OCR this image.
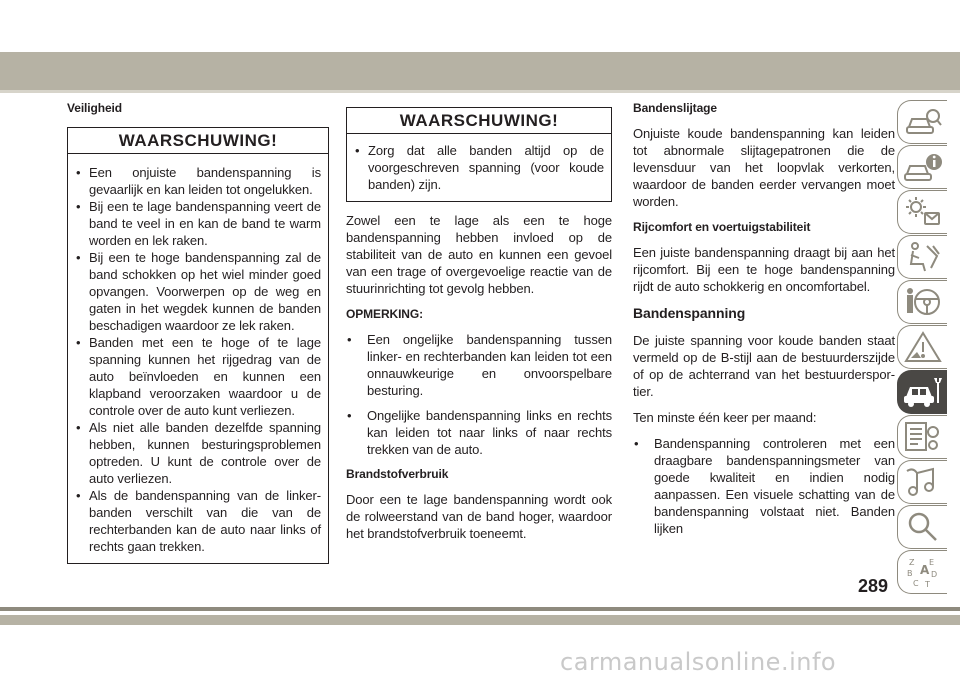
Veiligheid
WAARSCHUWING!
• Een onjuiste bandenspanning is gevaarlijk en kan leiden tot ongelukken.
• Bij een te lage bandenspanning veert de band te veel in en kan de band te warm worden en lek raken.
• Bij een te hoge bandenspanning zal de band schokken op het wiel minder goed opvangen. Voorwerpen op de weg en gaten in het wegdek kunnen de banden beschadigen waardoor ze lek raken.
• Banden met een te hoge of te lage spanning kunnen het rijgedrag van de auto beïnvloeden en kunnen een klapband veroorzaken waardoor u de controle over de auto kunt verliezen.
• Als niet alle banden dezelfde spanning hebben, kunnen besturingsproblemen optreden. U kunt de controle over de auto verliezen.
• Als de bandenspanning van de linker- banden verschilt van die van de rechterbanden kan de auto naar links of rechts gaan trekken.
WAARSCHUWING!
• Zorg dat alle banden altijd op de voorgeschreven spanning (voor koude banden) zijn.

Zowel een te lage als een te hoge bandenspanning hebben invloed op de stabiliteit van de auto en kunnen een gevoel van een trage of overgevoelige reactie van de stuurinrichting tot gevolg hebben.

OPMERKING:
• Een ongelijke bandenspanning tussen linker- en rechterbanden kan leiden tot een onnauwkeurige en onvoorspelbare besturing.
• Ongelijke bandenspanning links en rechts kan leiden tot naar links of naar rechts trekken van de auto.
Brandstofverbruik

Door een te lage bandenspanning wordt ook de rolweerstand van de band hoger, waardoor het brandstofverbruik toeneemt.

Bandenslijtage

Onjuiste koude bandenspanning kan leiden tot abnormale slijtagepatronen die de levensduur van het loopvlak verkorten, waardoor de banden eerder vervangen moet worden.

Rijcomfort en voertuigstabiliteit

Een juiste bandenspanning draagt bij aan het rijcomfort. Bij een te hoge bandenspanning rijdt de auto schokkerig en oncomfortabel.

Bandenspanning

De juiste spanning voor koude banden staat vermeld op de B-stijl aan de bestuurderszijde of op de achterrand van het bestuurderspor- tier.

Ten minste één keer per maand:

• Bandenspanning controleren met een draagbare bandenspanningsmeter van goede kwaliteit en indien nodig aanpassen. Een visuele schatting van de bandenspanning volstaat niet. Banden lijken
Z E
B A D
C T
289
carmanualsonline.info
